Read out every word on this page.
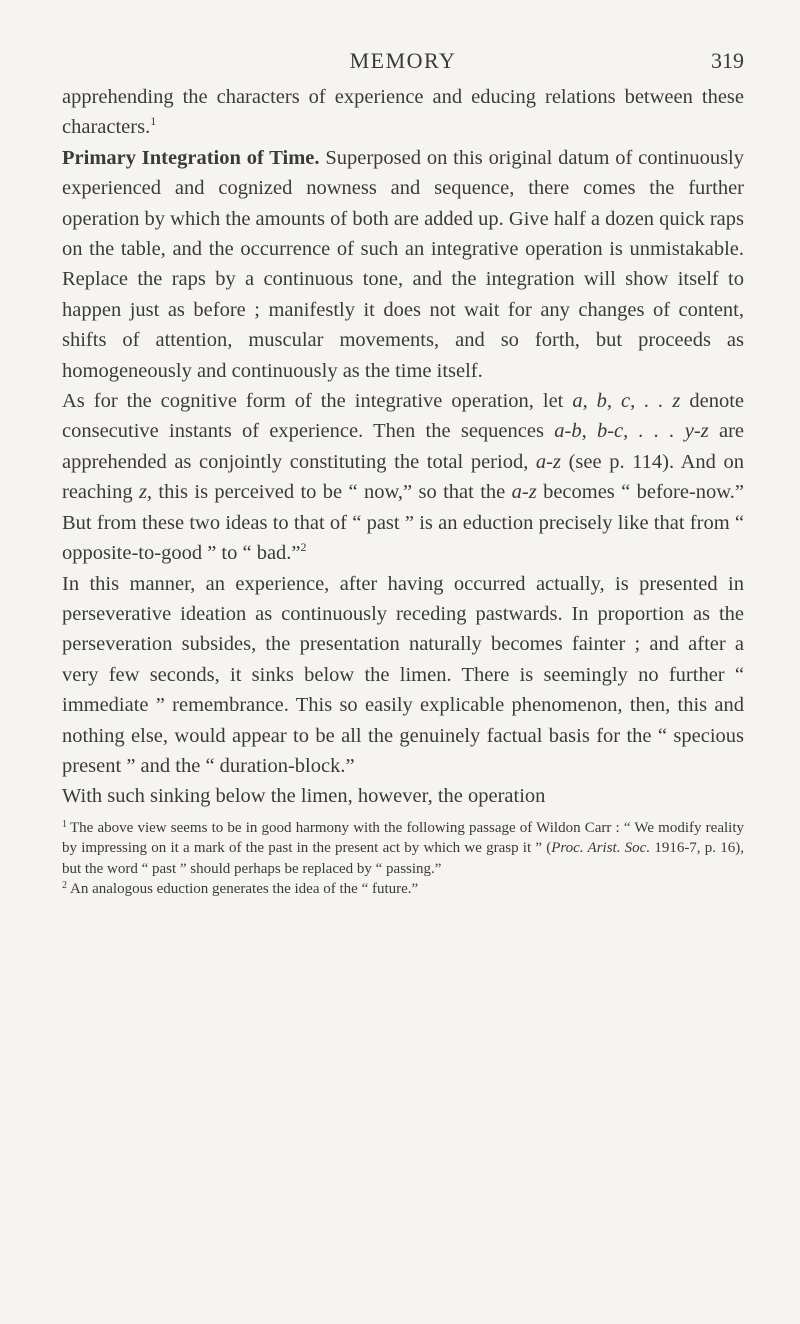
MEMORY	319

apprehending the characters of experience and educing relations between these characters.$^1$

Primary Integration of Time. Superposed on this original datum of continuously experienced and cognized nowness and sequence, there comes the further operation by which the amounts of both are added up. Give half a dozen quick raps on the table, and the occurrence of such an integrative operation is unmistakable. Replace the raps by a continuous tone, and the integration will show itself to happen just as before ; manifestly it does not wait for any changes of content, shifts of attention, muscular movements, and so forth, but proceeds as homogeneously and continuously as the time itself.

As for the cognitive form of the integrative operation, let a, b, c, . . z denote consecutive instants of experience. Then the sequences a-b, b-c, . . . y-z are apprehended as conjointly constituting the total period, a-z (see p. 114). And on reaching z, this is perceived to be “ now,” so that the a-z becomes “ before-now.” But from these two ideas to that of “ past ” is an eduction precisely like that from “ opposite-to-good ” to “ bad.”$^2$

In this manner, an experience, after having occurred actually, is presented in perseverative ideation as continuously receding pastwards. In proportion as the perseveration subsides, the presentation naturally becomes fainter ; and after a very few seconds, it sinks below the limen. There is seemingly no further “ immediate ” remembrance. This so easily explicable phenomenon, then, this and nothing else, would appear to be all the genuinely factual basis for the “ specious present ” and the “ duration-block.”

With such sinking below the limen, however, the operation

$^1$ The above view seems to be in good harmony with the following passage of Wildon Carr : “ We modify reality by impressing on it a mark of the past in the present act by which we grasp it ” (Proc. Arist. Soc. 1916-7, p. 16), but the word “ past ” should perhaps be replaced by “ passing.”

$^2$ An analogous eduction generates the idea of the “ future.”
